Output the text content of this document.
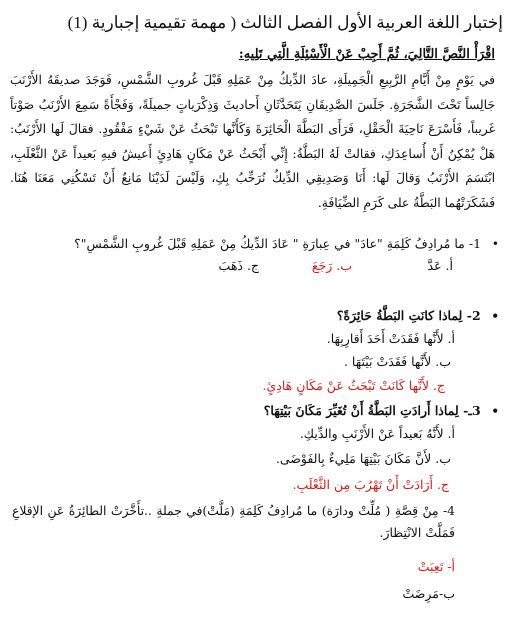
إختبار اللغة العربية الأول الفصل الثالث ( مهمة تقيمية إجبارية (1)
اقْرَأْ النَّصَّ التَّالِيَ، ثُمَّ أَجِبْ عَنْ الْأَسْئِلَةِ الَّتِي تَلِيهِ:
في يَوْمٍ مِنْ أَيَّامِ الرَّبِيعِ الْجَمِيلَةِ، عادَ الدِّيكُ مِنْ عَمَلِهِ قَبْلَ غُروبِ الشَّمْسِ، فَوَجَدَ صديقَهُ الأَرْنَبَ
جَالِساً تَحْتَ الشَّجَرَةِ. جَلَسَ الصَّدِيقَانِ يَتَحَدَّثَانِ أَحاديثَ وَذِكْرَياتٍ جميلَةً، وَفَجْأَةً سَمِعَ الأَرْنَبُ صَوْتاً
غَريباً، فَأَسْرَعَ نَاحِيَةَ الْحَقْلِ، فَرَأَى البَطَّةَ الْحَائِرَةَ وَكَأَنَّها تَبْحَثُ عَنْ شَيْءٍ مَفْقُودٍ. فقالَ لَها الأَرْنَبُ:
هَلْ يُمْكِنُ أَنْ أُساعِدَكِ، فقالتْ لَهُ البَطَّةُ: إِنِّي أَبْحَثُ عَنْ مَكَانٍ هَادِئٍ أَعيشُ فيهِ بَعيداً عَنْ الثَّعْلَبِ،
ابْتَسَمَ الأَرْنَبُ وَقالَ لَها: أَنَا وَصَدِيقِي الدِّيكُ نُرَحِّبُ بِكِ، وَلَيْسَ لَدَيْنَا مَانِعٌ أَنْ تَسْكُنِي مَعَنَا هُنَا.
فَشَكَرَتْهُما البَطَّةُ على كَرَمِ الضِّيَافَةِ.
• 1- ما مُرادِفُ كَلِمَةِ "عادَ" في عِبارَةِ " عَادَ الدِّيكُ مِنْ عَمَلِهِ قَبْلَ غُروبِ الشَّمْسِ"؟
أ. عَدَّ
ب. رَجَعَ
ج. ذَهَبَ
• 2- لِماذا كانَتِ البَطَّةُ حَائِرَةً؟
أ. لأَنَّها فَقَدَتْ أَحَدَ أَقارِبِهَا.
ب. لأَنَّها فَقَدَتْ بَيْتَهَا .
ج. لأَنَّها كَانَتْ تَبْحَثُ عَنْ مَكَانٍ هَادِئٍ.
• 3ـ- لِماذا أَرادَتِ البَطَّةُ أَنْ تُغَيِّرَ مَكَانَ بَيْتِهَا؟
أ. لأَنَّهُ بَعيداً عَنْ الأَرْنَبِ والدِّيكِ.
ب. لأَنَّ مَكَانَ بَيْتِهَا مَلِيءٌ بِالفَوْضَى.
ج. أَرَادَتْ أَنْ تَهْرُبَ مِن الثَّعْلَبِ.
4- مِنْ قِصَّةِ ( مُلِّتْ ودارَة) ما مُرادِفُ كَلِمَةِ (مَلَّتْ)في جملةِ ..تأَخَّرَتْ الطائِرَةُ عَنِ الإقلاعِ
فَمَلَّتْ الانْتِظارَ.
أ- تَعِبَتْ
ب-مَرِضَتْ
